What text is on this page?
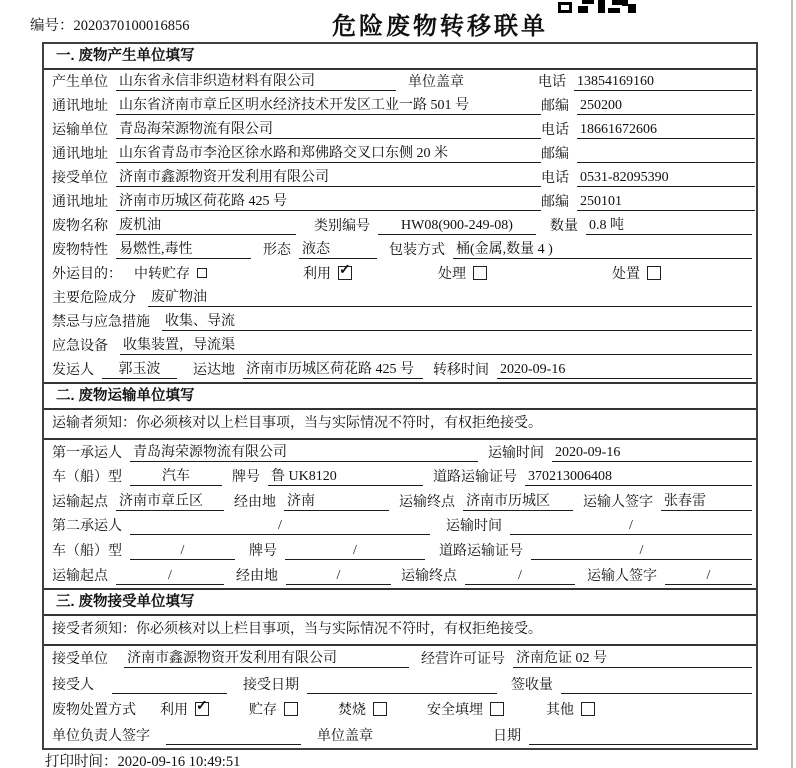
编号：2020370100016856	危险废物转移联单
一. 废物产生单位填写
产生单位 山东省永信非织造材料有限公司	单位盖章	电话 13854169160
通讯地址 山东省济南市章丘区明水经济技术开发区工业一路 501 号	邮编 250200
运输单位 青岛海荣源物流有限公司	电话 18661672606
通讯地址 山东省青岛市李沧区徐水路和郑佛路交叉口东侧 20 米	邮编
接受单位 济南市鑫源物资开发利用有限公司	电话 0531-82095390
通讯地址 济南市历城区荷花路 425 号	邮编 250101
废物名称 废机油	类别编号	HW08(900-249-08)	数量 0.8 吨
废物特性 易燃性,毒性	形态 液态	包装方式 桶(金属,数量 4 )
外运目的： 中转贮存	利用 ✓	处理	处置
主要危险成分 废矿物油
禁忌与应急措施 收集、导流
应急设备 收集装置，导流渠
发运人	郭玉波	运达地 济南市历城区荷花路 425 号	转移时间 2020-09-16
二. 废物运输单位填写
运输者须知：你必须核对以上栏目事项，当与实际情况不符时，有权拒绝接受。
第一承运人 青岛海荣源物流有限公司	运输时间 2020-09-16
车（船）型	汽车	牌号 鲁 UK8120	道路运输证号 370213006408
运输起点 济南市章丘区	经由地 济南	运输终点 济南市历城区	运输人签字 张春雷
第二承运人	/	运输时间	/
车（船）型	/	牌号	/	道路运输证号	/
运输起点	/	经由地	/	运输终点	/	运输人签字	/
三. 废物接受单位填写
接受者须知：你必须核对以上栏目事项，当与实际情况不符时，有权拒绝接受。
接受单位 济南市鑫源物资开发利用有限公司	经营许可证号 济南危证 02 号
接受人	接受日期	签收量
废物处置方式 利用 ✓	贮存	焚烧	安全填埋	其他
单位负责人签字	单位盖章	日期
打印时间：2020-09-16 10:49:51
